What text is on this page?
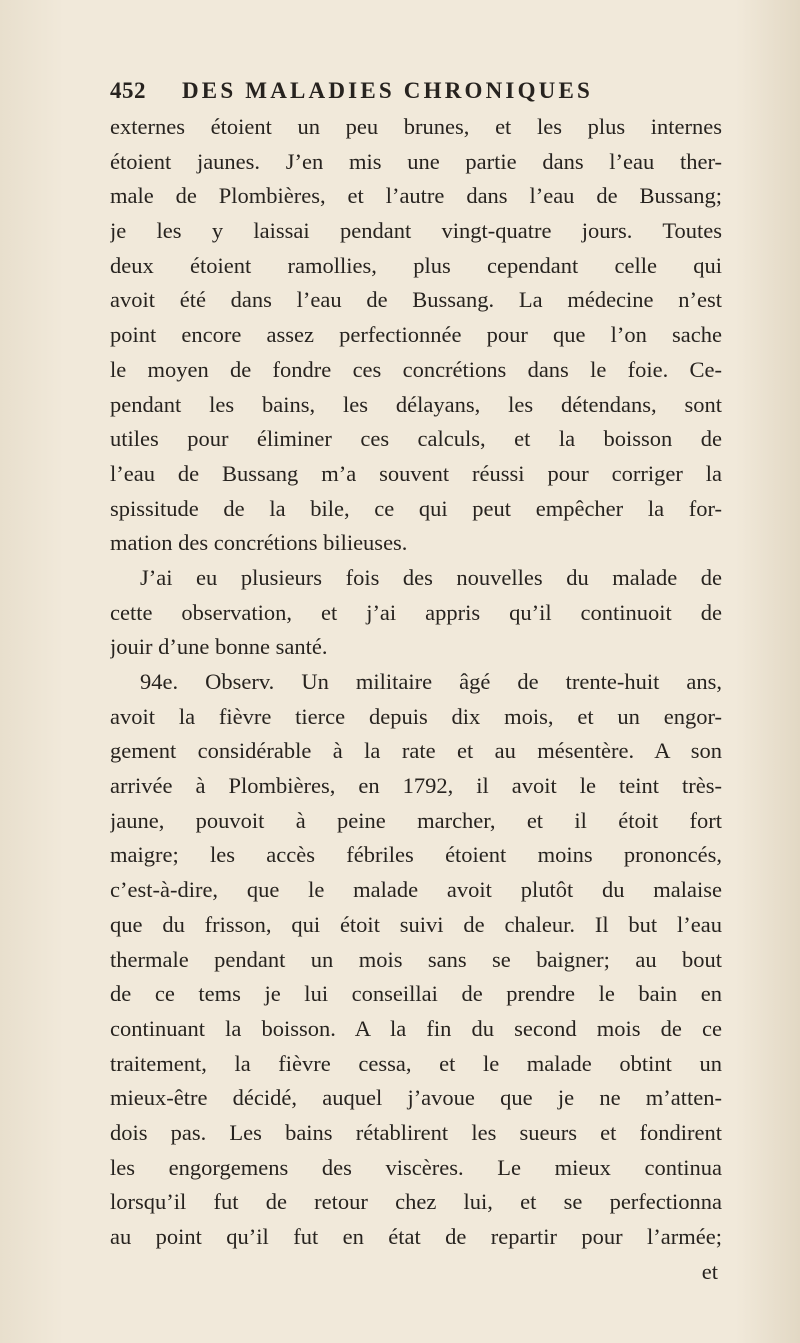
452 DES MALADIES CHRONIQUES
externes étoient un peu brunes, et les plus internes
étoient jaunes. J’en mis une partie dans l’eau ther-
male de Plombières, et l’autre dans l’eau de Bussang;
je les y laissai pendant vingt-quatre jours. Toutes
deux étoient ramollies, plus cependant celle qui
avoit été dans l’eau de Bussang. La médecine n’est
point encore assez perfectionnée pour que l’on sache
le moyen de fondre ces concrétions dans le foie. Ce-
pendant les bains, les délayans, les détendans, sont
utiles pour éliminer ces calculs, et la boisson de
l’eau de Bussang m’a souvent réussi pour corriger la
spissitude de la bile, ce qui peut empêcher la for-
mation des concrétions bilieuses.
J’ai eu plusieurs fois des nouvelles du malade de
cette observation, et j’ai appris qu’il continuoit de
jouir d’une bonne santé.
94e. Observ. Un militaire âgé de trente-huit ans,
avoit la fièvre tierce depuis dix mois, et un engor-
gement considérable à la rate et au mésentère. A son
arrivée à Plombières, en 1792, il avoit le teint très-
jaune, pouvoit à peine marcher, et il étoit fort
maigre; les accès fébriles étoient moins prononcés,
c’est-à-dire, que le malade avoit plutôt du malaise
que du frisson, qui étoit suivi de chaleur. Il but l’eau
thermale pendant un mois sans se baigner; au bout
de ce tems je lui conseillai de prendre le bain en
continuant la boisson. A la fin du second mois de ce
traitement, la fièvre cessa, et le malade obtint un
mieux-être décidé, auquel j’avoue que je ne m’atten-
dois pas. Les bains rétablirent les sueurs et fondirent
les engorgemens des viscères. Le mieux continua
lorsqu’il fut de retour chez lui, et se perfectionna
au point qu’il fut en état de repartir pour l’armée;
et
